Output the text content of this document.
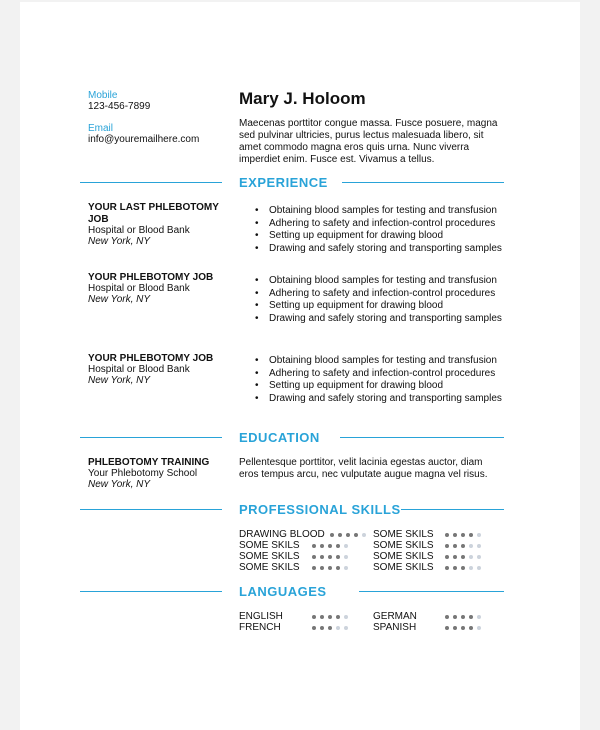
Mobile
123-456-7899
Email
info@youremailhere.com
Mary J. Holoom
Maecenas porttitor congue massa. Fusce posuere, magna sed pulvinar ultricies, purus lectus malesuada libero, sit amet commodo magna eros quis urna. Nunc viverra imperdiet enim. Fusce est. Vivamus a tellus.
EXPERIENCE
YOUR LAST PHLEBOTOMY
JOB
Hospital or Blood Bank
New York, NY
• Obtaining blood samples for testing and transfusion
• Adhering to safety and infection-control procedures
• Setting up equipment for drawing blood
• Drawing and safely storing and transporting samples
YOUR PHLEBOTOMY JOB
Hospital or Blood Bank
New York, NY
• Obtaining blood samples for testing and transfusion
• Adhering to safety and infection-control procedures
• Setting up equipment for drawing blood
• Drawing and safely storing and transporting samples
YOUR PHLEBOTOMY JOB
Hospital or Blood Bank
New York, NY
• Obtaining blood samples for testing and transfusion
• Adhering to safety and infection-control procedures
• Setting up equipment for drawing blood
• Drawing and safely storing and transporting samples
EDUCATION
PHLEBOTOMY TRAINING
Your Phlebotomy School
New York, NY
Pellentesque porttitor, velit lacinia egestas auctor, diam eros tempus arcu, nec vulputate augue magna vel risus.
PROFESSIONAL SKILLS
DRAWING BLOOD	SOME SKILS
SOME SKILS	SOME SKILS
SOME SKILS	SOME SKILS
SOME SKILS	SOME SKILS
LANGUAGES
ENGLISH	GERMAN
FRENCH	SPANISH
